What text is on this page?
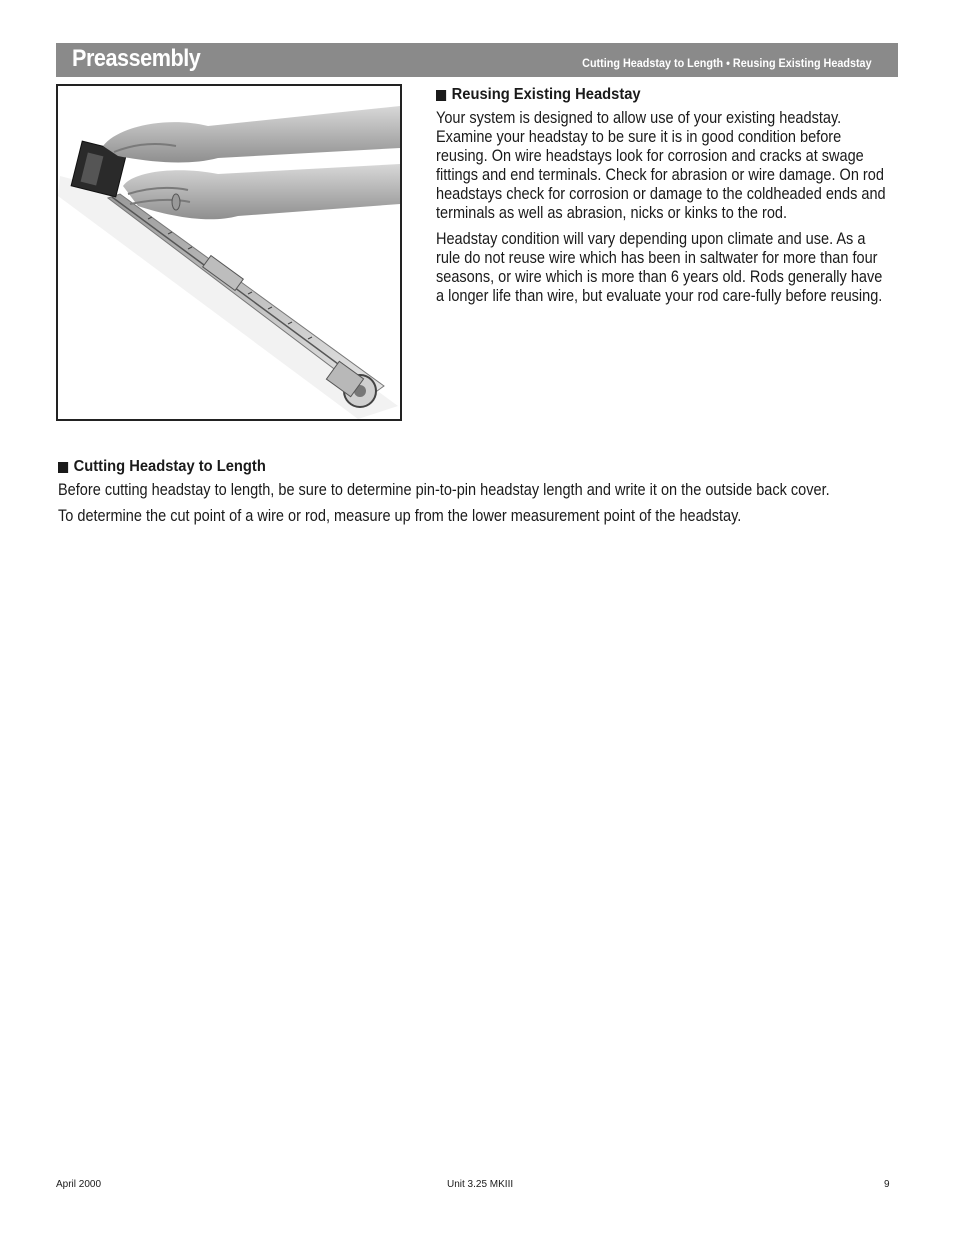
Preassembly	Cutting Headstay to Length • Reusing Existing Headstay
Reusing Existing Headstay

Your system is designed to allow use of your existing headstay. Examine your headstay to be sure it is in good condition before reusing. On wire headstays look for corrosion and cracks at swage fittings and end terminals. Check for abrasion or wire damage. On rod headstays check for corrosion or damage to the coldheaded ends and terminals as well as abrasion, nicks or kinks to the rod.

Headstay condition will vary depending upon climate and use. As a rule do not reuse wire which has been in saltwater for more than four seasons, or wire which is more than 6 years old. Rods generally have a longer life than wire, but evaluate your rod care-fully before reusing.

Cutting Headstay to Length

Before cutting headstay to length, be sure to determine pin-to-pin headstay length and write it on the outside back cover.

To determine the cut point of a wire or rod, measure up from the lower measurement point of the headstay.

April 2000	Unit 3.25 MKIII	9
